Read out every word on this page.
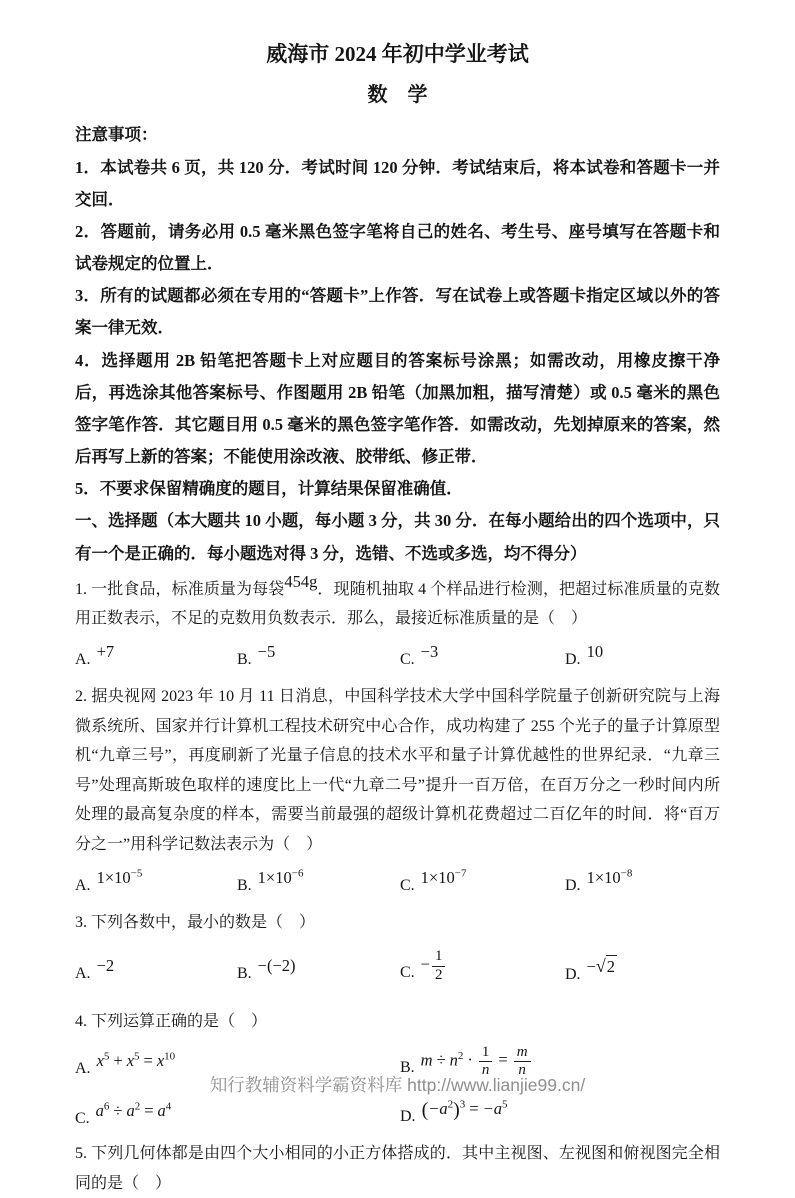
威海市 2024 年初中学业考试
数　学

注意事项：

1．本试卷共 6 页，共 120 分．考试时间 120 分钟．考试结束后，将本试卷和答题卡一并交回．

2．答题前，请务必用 0.5 毫米黑色签字笔将自己的姓名、考生号、座号填写在答题卡和试卷规定的位置上．

3．所有的试题都必须在专用的“答题卡”上作答．写在试卷上或答题卡指定区域以外的答案一律无效．

4．选择题用 2B 铅笔把答题卡上对应题目的答案标号涂黑；如需改动，用橡皮擦干净后，再选涂其他答案标号、作图题用 2B 铅笔（加黑加粗，描写清楚）或 0.5 毫米的黑色签字笔作答．其它题目用 0.5 毫米的黑色签字笔作答．如需改动，先划掉原来的答案，然后再写上新的答案；不能使用涂改液、胶带纸、修正带．

5．不要求保留精确度的题目，计算结果保留准确值．

一、选择题（本大题共 10 小题，每小题 3 分，共 30 分．在每小题给出的四个选项中，只有一个是正确的．每小题选对得 3 分，选错、不选或多选，均不得分）

1. 一批食品，标准质量为每袋454g．现随机抽取 4 个样品进行检测，把超过标准质量的克数用正数表示，不足的克数用负数表示．那么，最接近标准质量的是（　）

A. +7	B. −5	C. −3	D. 10

2. 据央视网 2023 年 10 月 11 日消息，中国科学技术大学中国科学院量子创新研究院与上海微系统所、国家并行计算机工程技术研究中心合作，成功构建了 255 个光子的量子计算原型机“九章三号”，再度刷新了光量子信息的技术水平和量子计算优越性的世界纪录．“九章三号”处理高斯玻色取样的速度比上一代“九章二号”提升一百万倍，在百万分之一秒时间内所处理的最高复杂度的样本，需要当前最强的超级计算机花费超过二百亿年的时间．将“百万分之一”用科学记数法表示为（　）

A. $1\times 10^{-5}$
B. $1\times 10^{-6}$
C. $1\times 10^{-7}$
D. $1\times 10^{-8}$

3. 下列各数中，最小的数是（　）

A. −2	B. −(−2)	C. − $\frac{1}{2}$	D. −√2

4. 下列运算正确的是（　）

A. $x^5 + x^5 = x^{10}$
B. $m \div n^2 \cdot \frac{1}{n} = \frac{m}{n}$
C. $a^6 \div a^2 = a^4$
D. $(-a^2)^3 = -a^5$

5. 下列几何体都是由四个大小相同的小正方体搭成的．其中主视图、左视图和俯视图完全相同的是（　）

知行教辅资料学霸资料库 http://www.lianjie99.cn/
